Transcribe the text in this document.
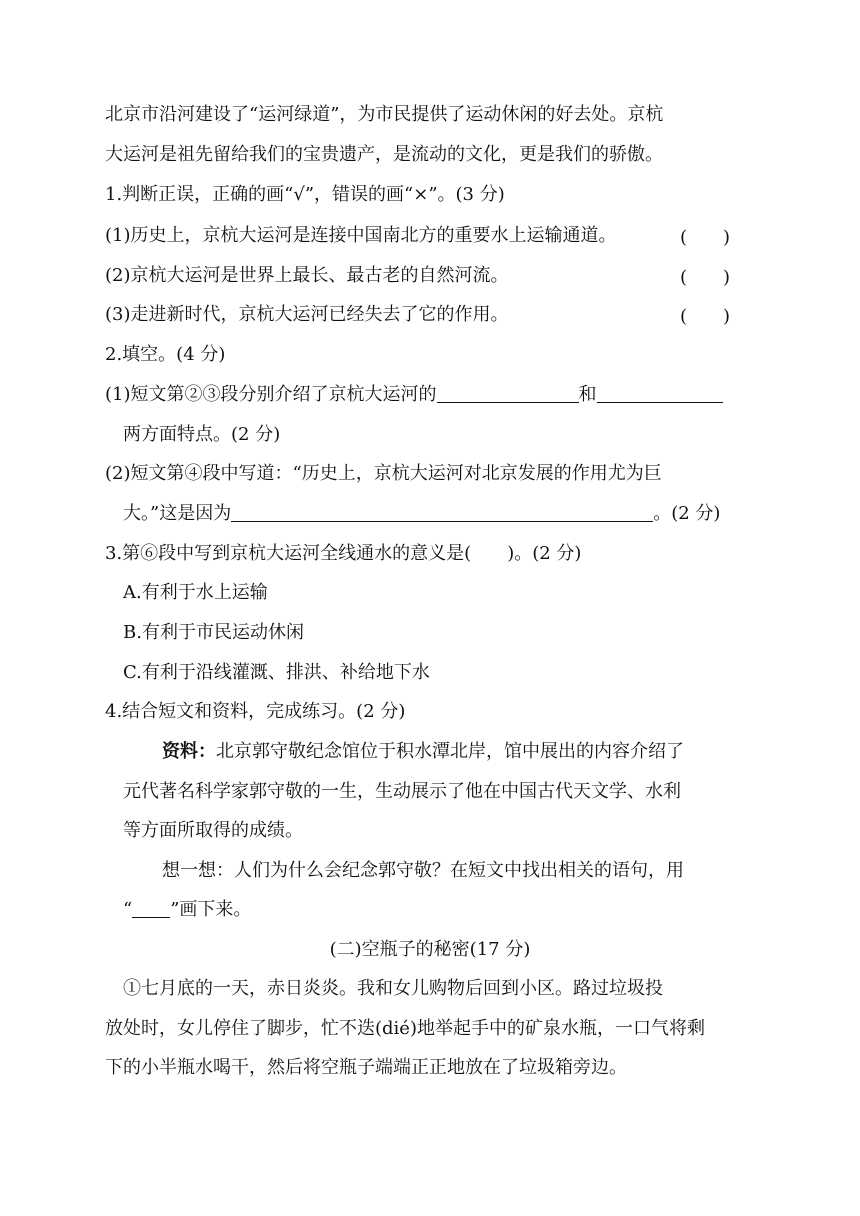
北京市沿河建设了“运河绿道”，为市民提供了运动休闲的好去处。京杭
大运河是祖先留给我们的宝贵遗产，是流动的文化，更是我们的骄傲。
1.判断正误，正确的画“√”，错误的画“×”。(3 分)
(1)历史上，京杭大运河是连接中国南北方的重要水上运输通道。	(　　)
(2)京杭大运河是世界上最长、最古老的自然河流。	(　　)
(3)走进新时代，京杭大运河已经失去了它的作用。	(　　)
2.填空。(4 分)
(1)短文第②③段分别介绍了京杭大运河的	和
两方面特点。(2 分)
(2)短文第④段中写道：“历史上，京杭大运河对北京发展的作用尤为巨
大。”这是因为	。(2 分)
3.第⑥段中写到京杭大运河全线通水的意义是(　　)。(2 分)
A.有利于水上运输
B.有利于市民运动休闲
C.有利于沿线灌溉、排洪、补给地下水
4.结合短文和资料，完成练习。(2 分)
资料：北京郭守敬纪念馆位于积水潭北岸，馆中展出的内容介绍了
元代著名科学家郭守敬的一生，生动展示了他在中国古代天文学、水利
等方面所取得的成绩。
想一想：人们为什么会纪念郭守敬？在短文中找出相关的语句，用
“ ”画下来。
(二)空瓶子的秘密(17 分)
①七月底的一天，赤日炎炎。我和女儿购物后回到小区。路过垃圾投
放处时，女儿停住了脚步，忙不迭(dié)地举起手中的矿泉水瓶，一口气将剩
下的小半瓶水喝干，然后将空瓶子端端正正地放在了垃圾箱旁边。
